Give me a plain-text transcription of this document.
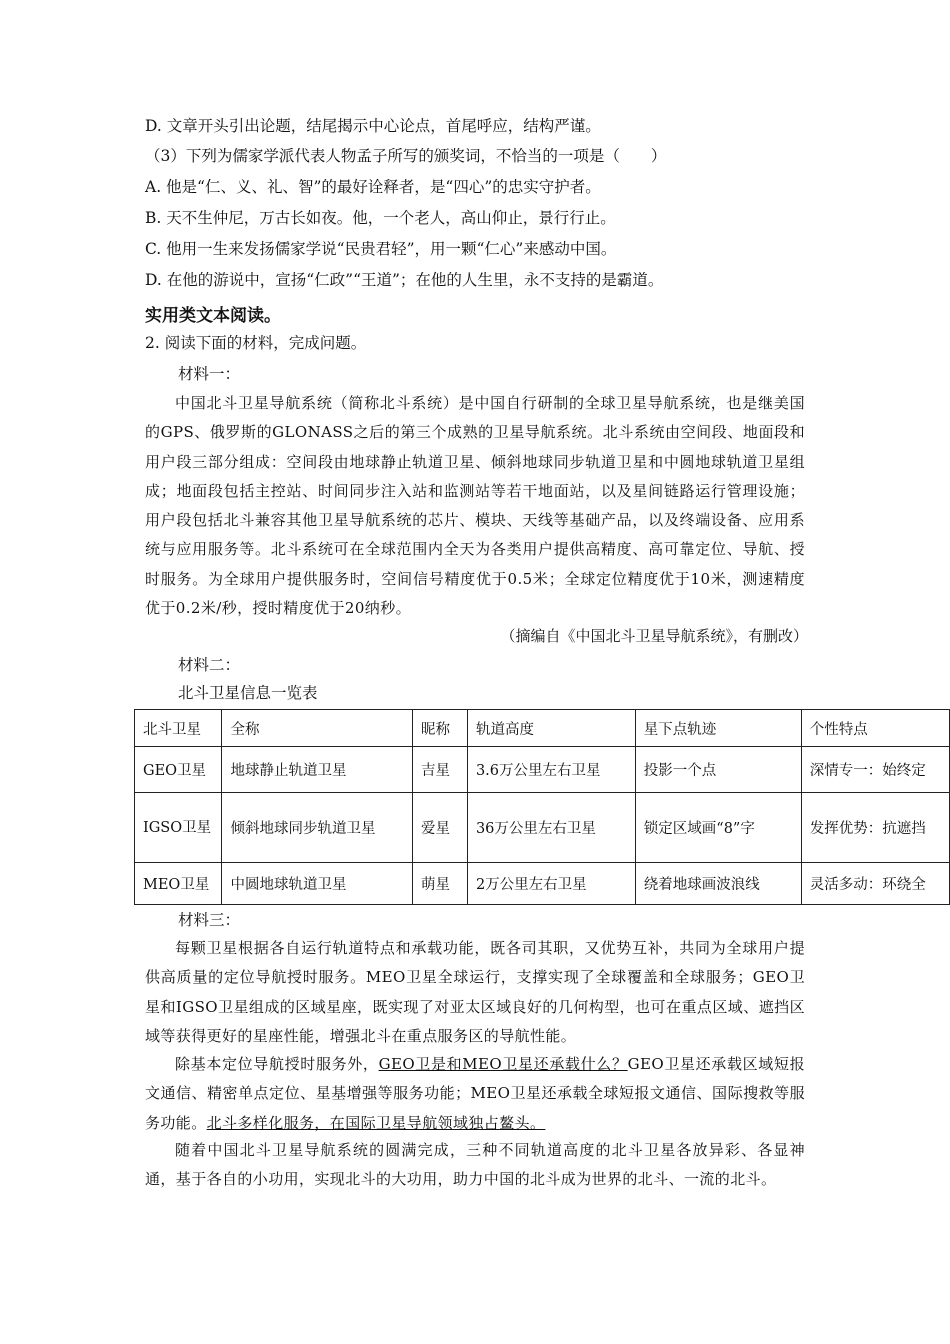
D. 文章开头引出论题，结尾揭示中心论点，首尾呼应，结构严谨。
（3）下列为儒家学派代表人物孟子所写的颁奖词，不恰当的一项是（　　）
A. 他是“仁、义、礼、智”的最好诠释者，是“四心”的忠实守护者。
B. 天不生仲尼，万古长如夜。他，一个老人，高山仰止，景行行止。
C. 他用一生来发扬儒家学说“民贵君轻”，用一颗“仁心”来感动中国。
D. 在他的游说中，宣扬“仁政”“王道”；在他的人生里，永不支持的是霸道。
实用类文本阅读。
2. 阅读下面的材料，完成问题。
材料一：
中国北斗卫星导航系统（简称北斗系统）是中国自行研制的全球卫星导航系统，也是继美国的GPS、俄罗斯的GLONASS之后的第三个成熟的卫星导航系统。北斗系统由空间段、地面段和用户段三部分组成：空间段由地球静止轨道卫星、倾斜地球同步轨道卫星和中圆地球轨道卫星组成；地面段包括主控站、时间同步注入站和监测站等若干地面站，以及星间链路运行管理设施；用户段包括北斗兼容其他卫星导航系统的芯片、模块、天线等基础产品，以及终端设备、应用系统与应用服务等。北斗系统可在全球范围内全天为各类用户提供高精度、高可靠定位、导航、授时服务。为全球用户提供服务时，空间信号精度优于0.5米；全球定位精度优于10米，测速精度优于0.2米/秒，授时精度优于20纳秒。
（摘编自《中国北斗卫星导航系统》，有删改）
材料二：
北斗卫星信息一览表
北斗卫星	全称	昵称	轨道高度	星下点轨迹	个性特点
GEO卫星	地球静止轨道卫星	吉星	3.6万公里左右卫星	投影一个点	深情专一：始终定
IGSO卫星	倾斜地球同步轨道卫星	爱星	36万公里左右卫星	锁定区域画“8”字	发挥优势：抗遮挡
MEO卫星	中圆地球轨道卫星	萌星	2万公里左右卫星	绕着地球画波浪线	灵活多动：环绕全
材料三：
每颗卫星根据各自运行轨道特点和承载功能，既各司其职，又优势互补，共同为全球用户提供高质量的定位导航授时服务。MEO卫星全球运行，支撑实现了全球覆盖和全球服务；GEO卫星和IGSO卫星组成的区域星座，既实现了对亚太区域良好的几何构型，也可在重点区域、遮挡区域等获得更好的星座性能，增强北斗在重点服务区的导航性能。
除基本定位导航授时服务外，GEO卫是和MEO卫星还承载什么？GEO卫星还承载区域短报文通信、精密单点定位、星基增强等服务功能；MEO卫星还承载全球短报文通信、国际搜救等服务功能。北斗多样化服务，在国际卫星导航领域独占鳌头。
随着中国北斗卫星导航系统的圆满完成，三种不同轨道高度的北斗卫星各放异彩、各显神通，基于各自的小功用，实现北斗的大功用，助力中国的北斗成为世界的北斗、一流的北斗。
